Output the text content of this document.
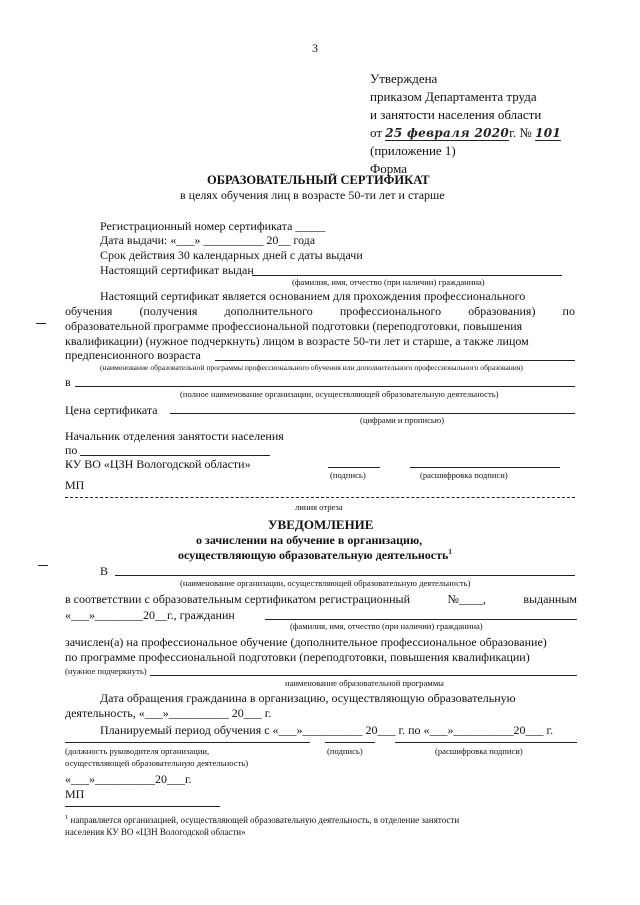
3
Утверждена
приказом Департамента труда
и занятости населения области
от 25 февраля 2020г. № 101
(приложение 1)
Форма
ОБРАЗОВАТЕЛЬНЫЙ СЕРТИФИКАТ
в целях обучения лиц в возрасте 50-ти лет и старше
Регистрационный номер сертификата _____
Дата выдачи: «___» __________ 20__ года
Срок действия 30 календарных дней с даты выдачи
Настоящий сертификат выдан
(фамилия, имя, отчество (при наличии) гражданина)
Настоящий сертификат является основанием для прохождения профессионального
обучения (получения дополнительного профессионального образования) по
образовательной программе профессиональной подготовки (переподготовки, повышения
квалификации) (нужное подчеркнуть) лицом в возрасте 50-ти лет и старше, а также лицом
предпенсионного возраста
(наименование образовательной программы профессионального обучения или дополнительного профессионального образования)
в
(полное наименование организации, осуществляющей образовательную деятельность)
Цена сертификата
(цифрами и прописью)
Начальник отделения занятости населения
по
КУ ВО «ЦЗН Вологодской области»
(подпись)	(расшифровка подписи)
МП
линия отреза
УВЕДОМЛЕНИЕ
о зачислении на обучение в организацию,
осуществляющую образовательную деятельность$^1$
В
(наименование организации, осуществляющей образовательную деятельность)
в соответствии с образовательным сертификатом регистрационный	№____,	выданным
«___»________20__г., гражданин
(фамилия, имя, отчество (при наличии) гражданина)
зачислен(а) на профессиональное обучение (дополнительное профессиональное образование)
по программе профессиональной подготовки (переподготовки, повышения квалификации)
(нужное подчеркнуть)
наименование образовательной программы
Дата обращения гражданина в организацию, осуществляющую образовательную
деятельность, «___»__________ 20___ г.
Планируемый период обучения с «___»__________ 20___ г. по «___»__________20___ г.
(должность руководителя организации,	(подпись)	(расшифровка подписи)
осуществляющей образовательную деятельность)
«___»__________20___г.
МП
$^1$ направляется организацией, осуществляющей образовательную деятельность, в отделение занятости
населения КУ ВО «ЦЗН Вологодской области»
